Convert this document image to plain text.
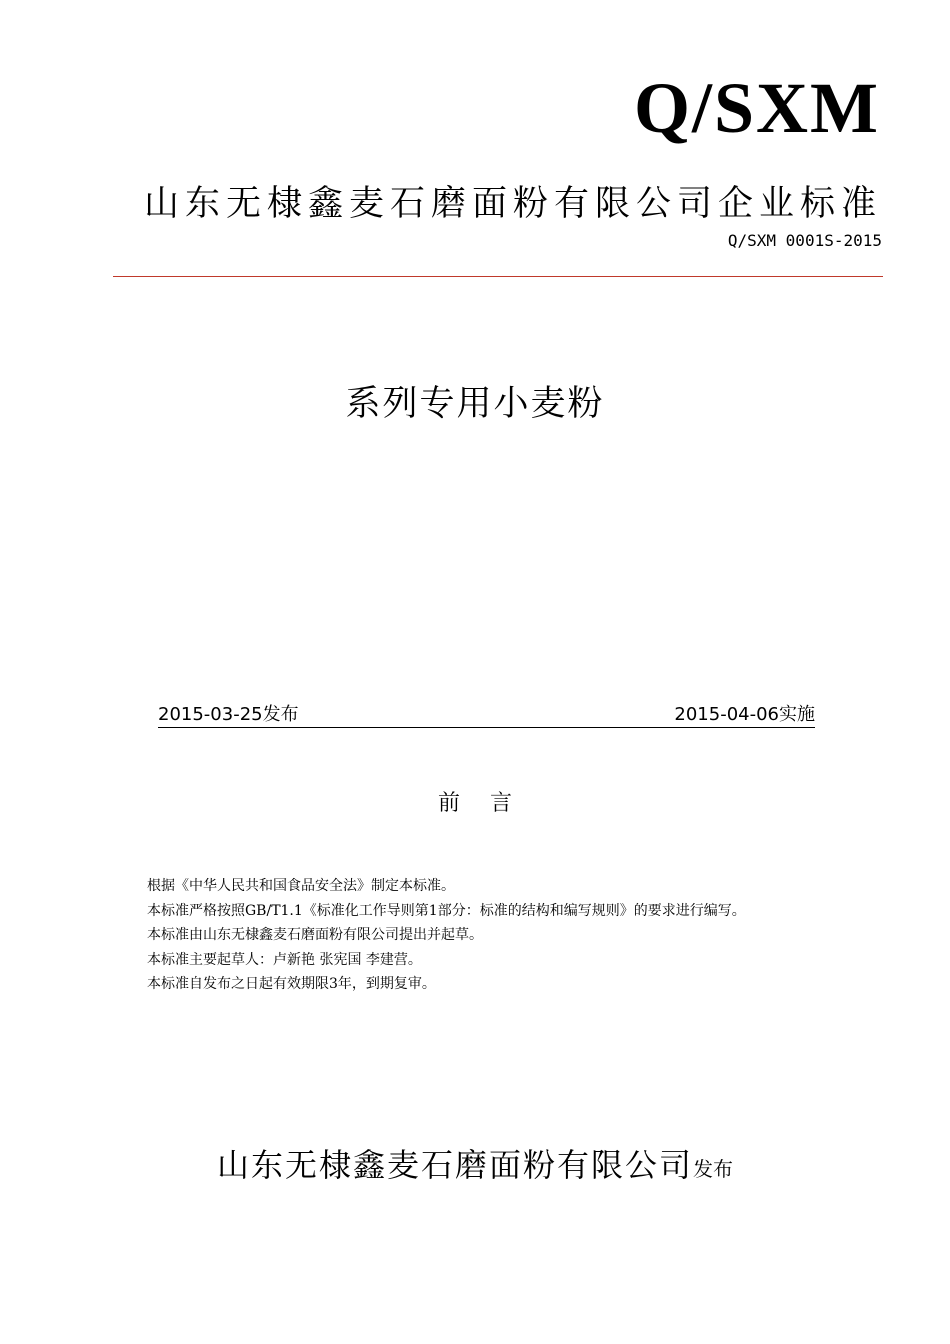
Q/SXM
山东无棣鑫麦石磨面粉有限公司企业标准
Q/SXM 0001S-2015
系列专用小麦粉
2015-03-25发布	2015-04-06实施
前言
根据《中华人民共和国食品安全法》制定本标准。
本标准严格按照GB/T1.1《标准化工作导则第1部分：标准的结构和编写规则》的要求进行编写。
本标准由山东无棣鑫麦石磨面粉有限公司提出并起草。
本标准主要起草人：卢新艳 张宪国 李建营。
本标准自发布之日起有效期限3年，到期复审。
山东无棣鑫麦石磨面粉有限公司发布
